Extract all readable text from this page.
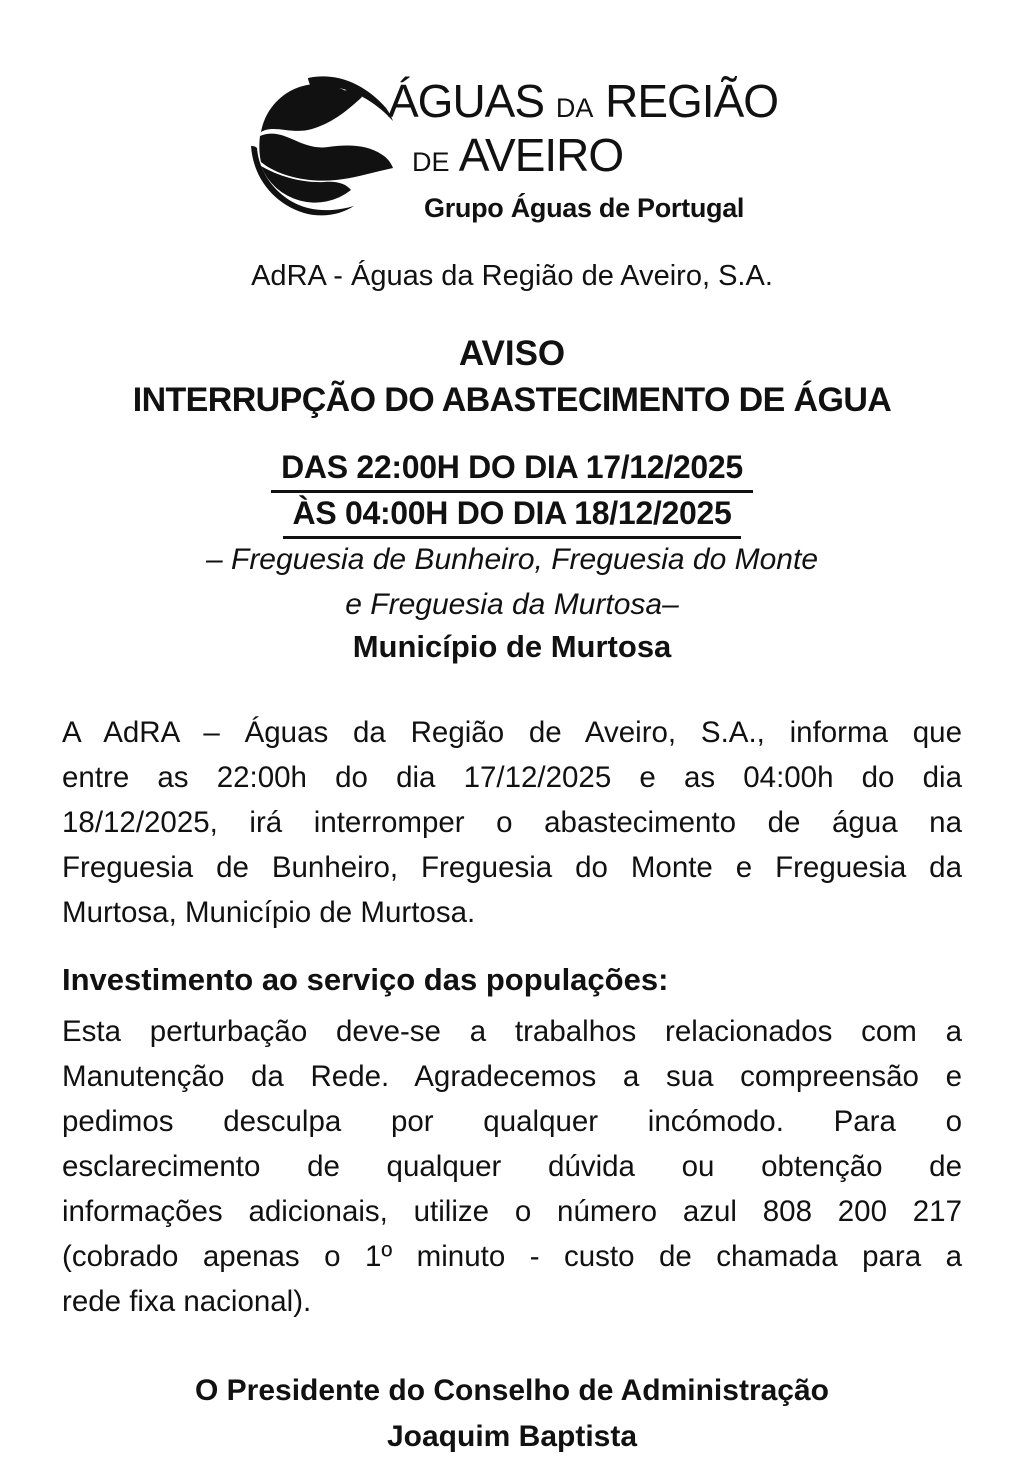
ÁGUAS DA REGIÃO
DE AVEIRO
Grupo Águas de Portugal
AdRA - Águas da Região de Aveiro, S.A.
AVISO
INTERRUPÇÃO DO ABASTECIMENTO DE ÁGUA
DAS 22:00H DO DIA 17/12/2025
ÀS 04:00H DO DIA 18/12/2025
– Freguesia de Bunheiro, Freguesia do Monte
e Freguesia da Murtosa–
Município de Murtosa
A AdRA – Águas da Região de Aveiro, S.A., informa que
entre as 22:00h do dia 17/12/2025 e as 04:00h do dia
18/12/2025, irá interromper o abastecimento de água na
Freguesia de Bunheiro, Freguesia do Monte e Freguesia da
Murtosa, Município de Murtosa.
Investimento ao serviço das populações:
Esta perturbação deve-se a trabalhos relacionados com a
Manutenção da Rede. Agradecemos a sua compreensão e
pedimos desculpa por qualquer incómodo. Para o
esclarecimento de qualquer dúvida ou obtenção de
informações adicionais, utilize o número azul 808 200 217
(cobrado apenas o 1º minuto - custo de chamada para a
rede fixa nacional).
O Presidente do Conselho de Administração
Joaquim Baptista
